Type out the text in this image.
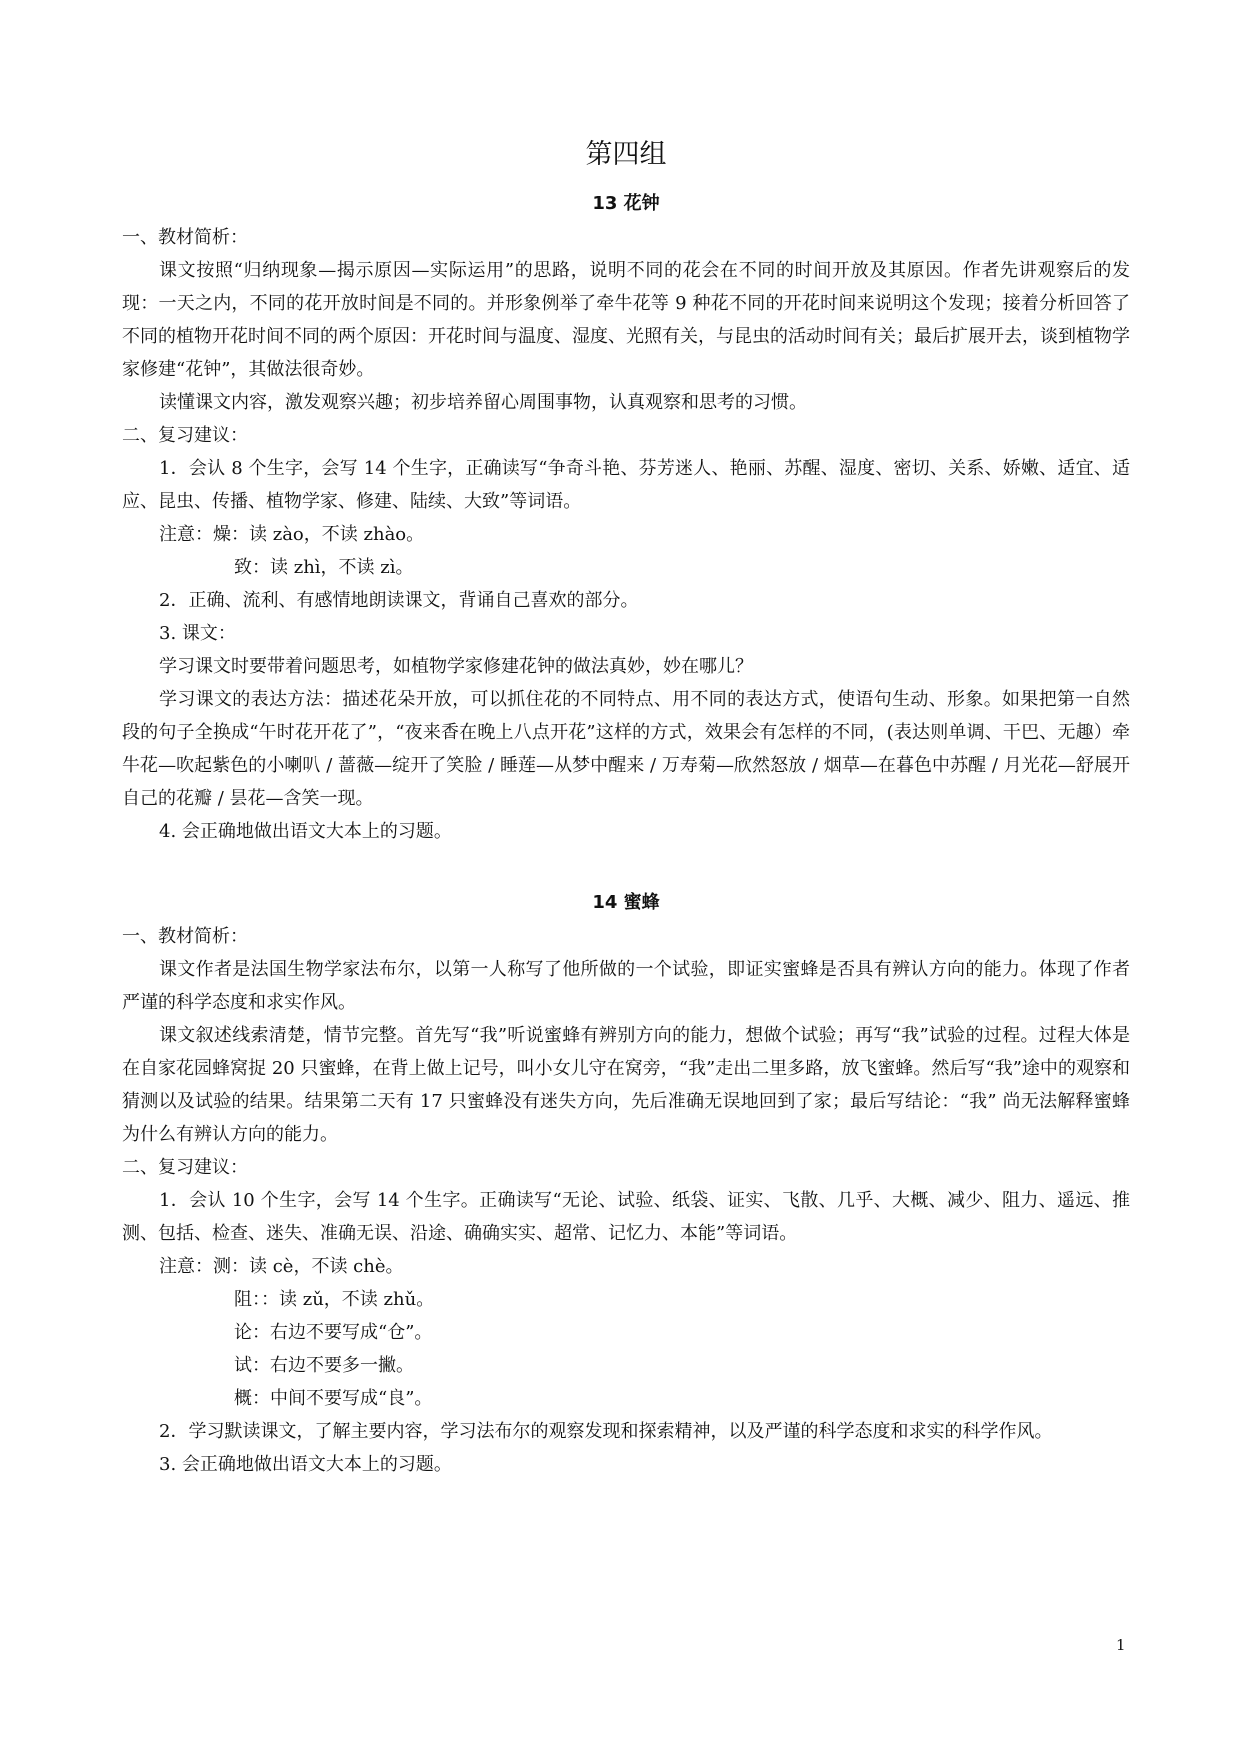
第四组
13 花钟
一、教材简析：

课文按照“归纳现象—揭示原因—实际运用”的思路，说明不同的花会在不同的时间开放及其原因。作者先讲观察后的发现：一天之内，不同的花开放时间是不同的。并形象例举了牵牛花等 9 种花不同的开花时间来说明这个发现；接着分析回答了不同的植物开花时间不同的两个原因：开花时间与温度、湿度、光照有关，与昆虫的活动时间有关；最后扩展开去，谈到植物学家修建“花钟”，其做法很奇妙。

读懂课文内容，激发观察兴趣；初步培养留心周围事物，认真观察和思考的习惯。

二、复习建议：

1．会认 8 个生字，会写 14 个生字，正确读写“争奇斗艳、芬芳迷人、艳丽、苏醒、湿度、密切、关系、娇嫩、适宜、适应、昆虫、传播、植物学家、修建、陆续、大致”等词语。

注意：燥：读 zào，不读 zhào。

致：读 zhì，不读 zì。

2．正确、流利、有感情地朗读课文，背诵自己喜欢的部分。

3. 课文：

学习课文时要带着问题思考，如植物学家修建花钟的做法真妙，妙在哪儿？

学习课文的表达方法：描述花朵开放，可以抓住花的不同特点、用不同的表达方式，使语句生动、形象。如果把第一自然段的句子全换成“午时花开花了”，“夜来香在晚上八点开花”这样的方式，效果会有怎样的不同，(表达则单调、干巴、无趣）牵牛花—吹起紫色的小喇叭 / 蔷薇—绽开了笑脸 / 睡莲—从梦中醒来 / 万寿菊—欣然怒放 / 烟草—在暮色中苏醒 / 月光花—舒展开自己的花瓣 / 昙花—含笑一现。

4. 会正确地做出语文大本上的习题。

14 蜜蜂
一、教材简析：

课文作者是法国生物学家法布尔，以第一人称写了他所做的一个试验，即证实蜜蜂是否具有辨认方向的能力。体现了作者严谨的科学态度和求实作风。

课文叙述线索清楚，情节完整。首先写“我”听说蜜蜂有辨别方向的能力，想做个试验；再写“我”试验的过程。过程大体是在自家花园蜂窝捉 20 只蜜蜂，在背上做上记号，叫小女儿守在窝旁，“我”走出二里多路，放飞蜜蜂。然后写“我”途中的观察和猜测以及试验的结果。结果第二天有 17 只蜜蜂没有迷失方向，先后准确无误地回到了家；最后写结论：“我” 尚无法解释蜜蜂为什么有辨认方向的能力。

二、复习建议：

1．会认 10 个生字，会写 14 个生字。正确读写“无论、试验、纸袋、证实、飞散、几乎、大概、减少、阻力、遥远、推测、包括、检查、迷失、准确无误、沿途、确确实实、超常、记忆力、本能”等词语。

注意：测：读 cè，不读 chè。

阻：：读 zǔ，不读 zhǔ。
论：右边不要写成“仓”。
试：右边不要多一撇。
概：中间不要写成“良”。

2．学习默读课文，了解主要内容，学习法布尔的观察发现和探索精神，以及严谨的科学态度和求实的科学作风。

3. 会正确地做出语文大本上的习题。

1
